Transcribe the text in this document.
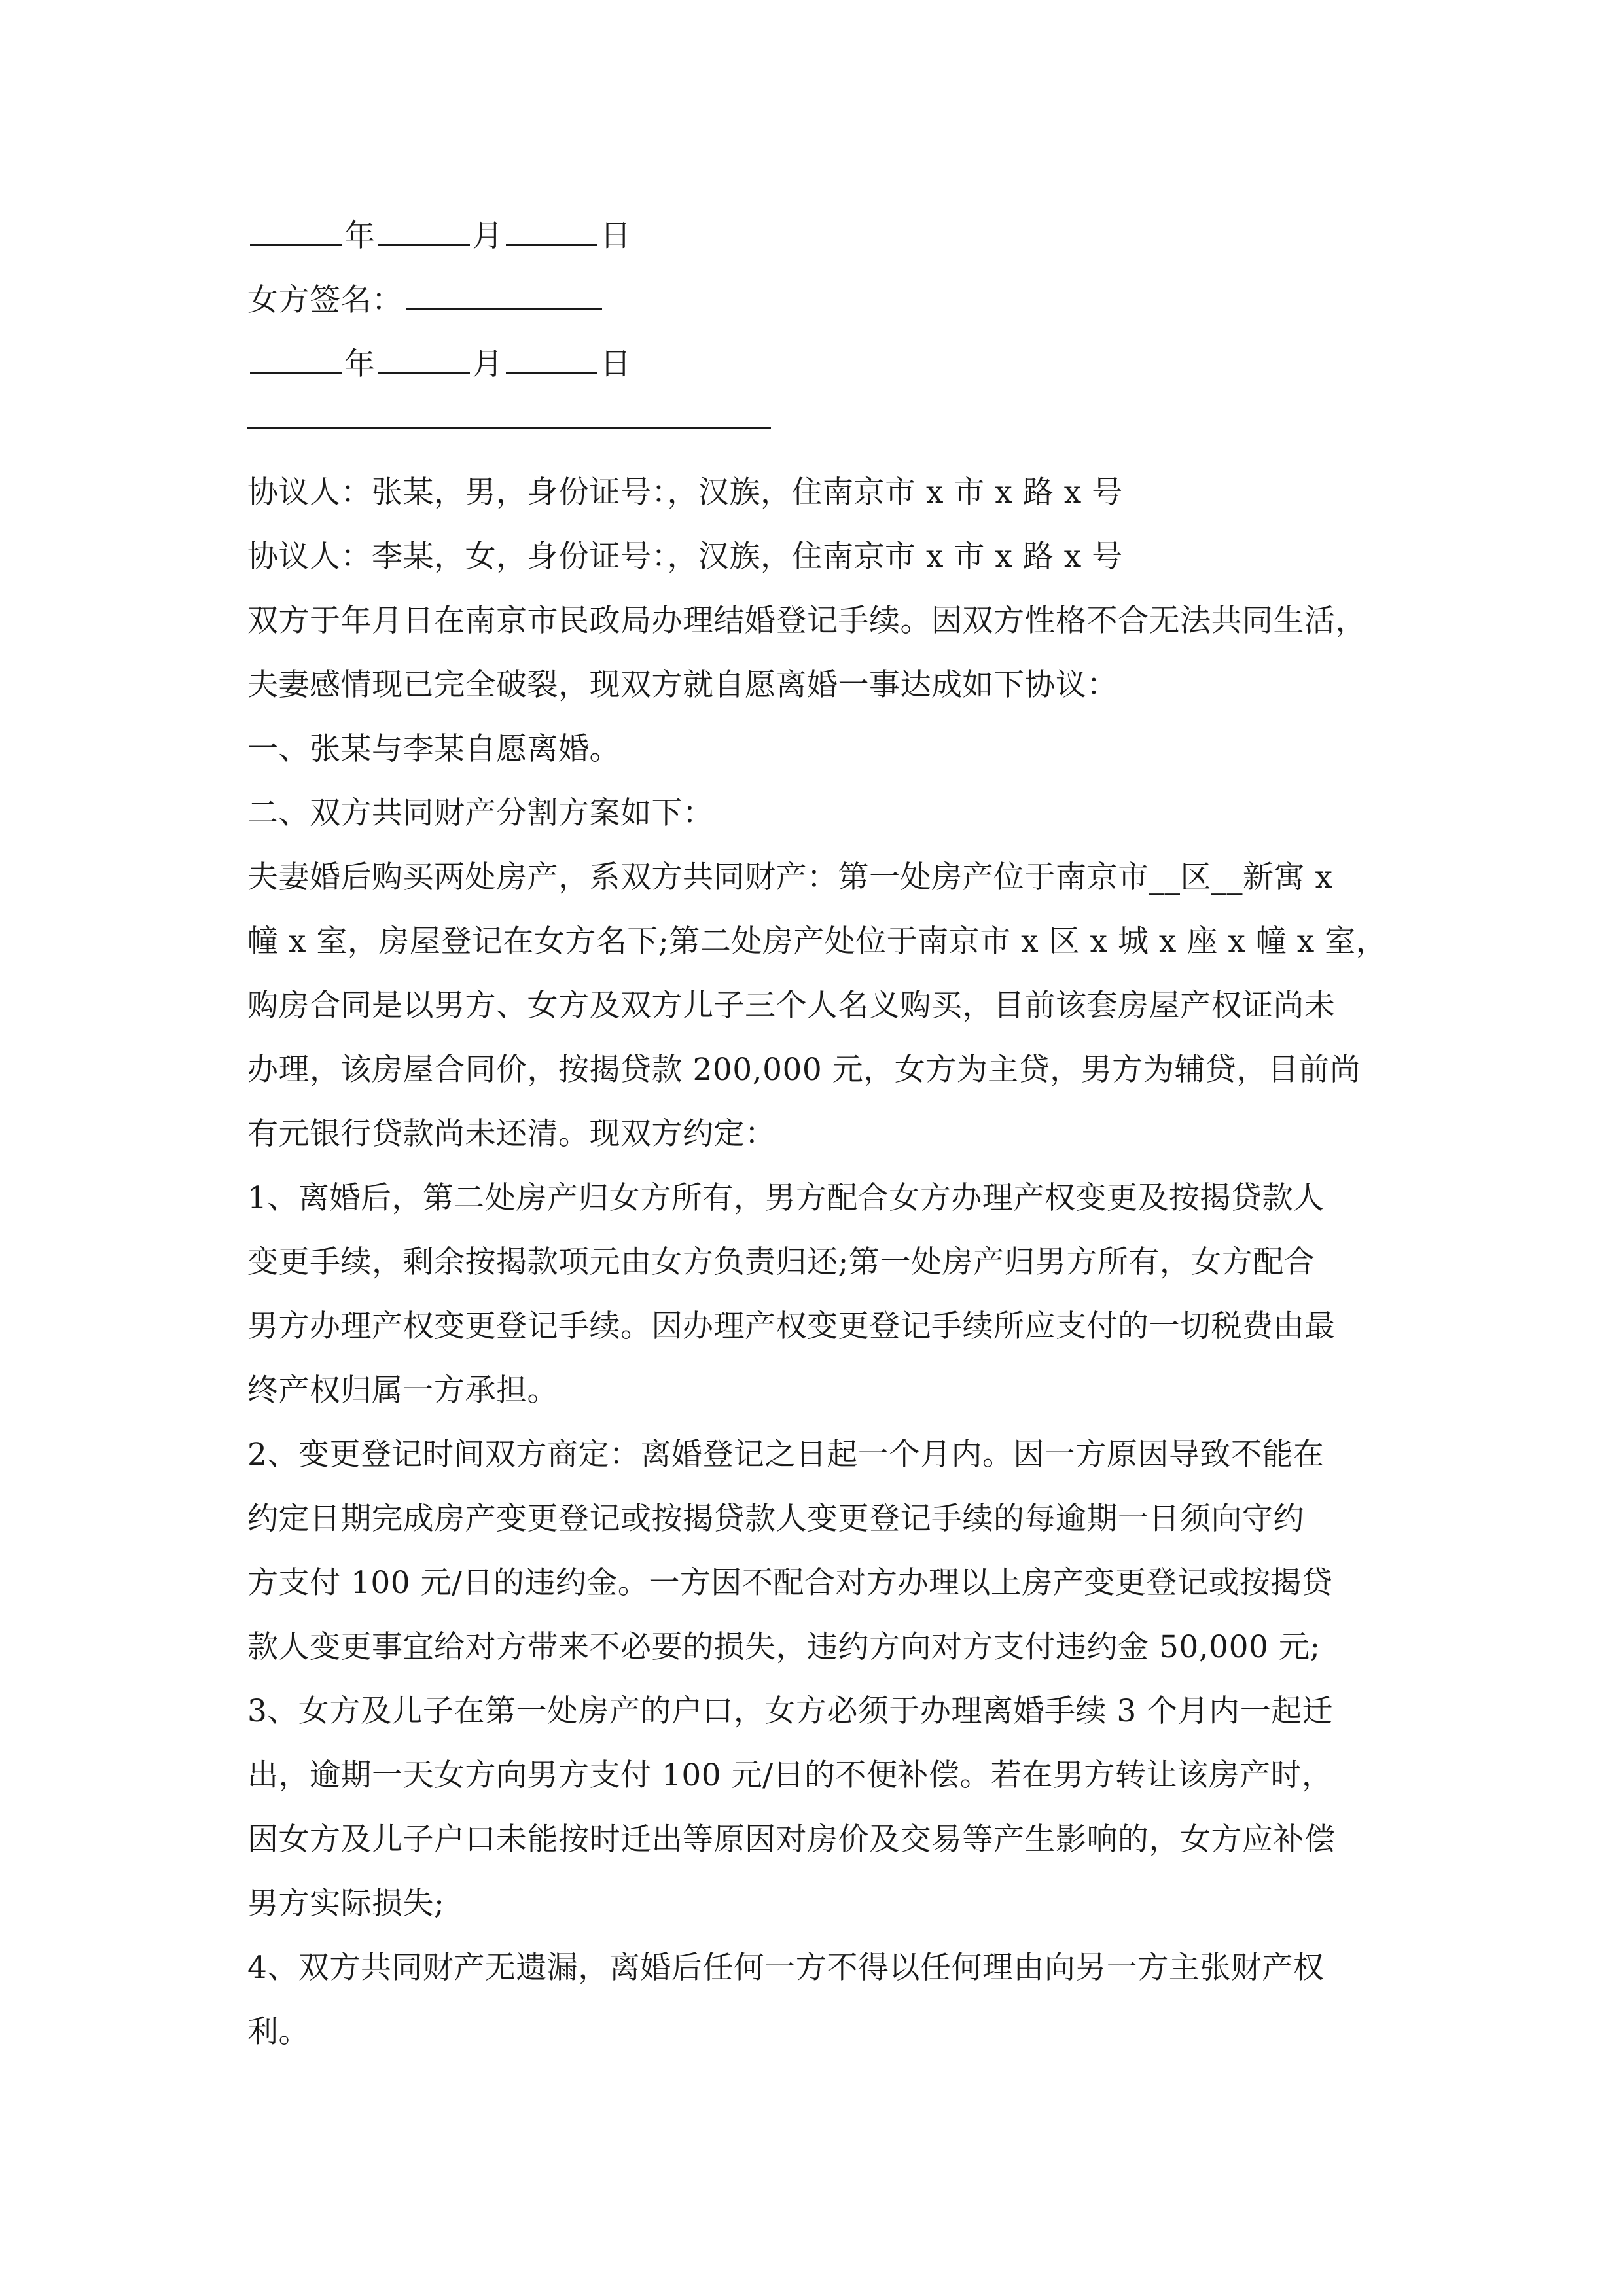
年	月	日
女方签名：
年	月	日
协议人：张某，男，身份证号：，汉族，住南京市 x 市 x 路 x 号
协议人：李某，女，身份证号：，汉族，住南京市 x 市 x 路 x 号
双方于年月日在南京市民政局办理结婚登记手续。因双方性格不合无法共同生活，
夫妻感情现已完全破裂，现双方就自愿离婚一事达成如下协议：
一、张某与李某自愿离婚。
二、双方共同财产分割方案如下：
夫妻婚后购买两处房产，系双方共同财产：第一处房产位于南京市__区__新寓 x
幢 x 室，房屋登记在女方名下;第二处房产处位于南京市 x 区 x 城 x 座 x 幢 x 室，
购房合同是以男方、女方及双方儿子三个人名义购买，目前该套房屋产权证尚未
办理，该房屋合同价，按揭贷款 200,000 元，女方为主贷，男方为辅贷，目前尚
有元银行贷款尚未还清。现双方约定：
1、离婚后，第二处房产归女方所有，男方配合女方办理产权变更及按揭贷款人
变更手续，剩余按揭款项元由女方负责归还;第一处房产归男方所有，女方配合
男方办理产权变更登记手续。因办理产权变更登记手续所应支付的一切税费由最
终产权归属一方承担。
2、变更登记时间双方商定：离婚登记之日起一个月内。因一方原因导致不能在
约定日期完成房产变更登记或按揭贷款人变更登记手续的每逾期一日须向守约
方支付 100 元/日的违约金。一方因不配合对方办理以上房产变更登记或按揭贷
款人变更事宜给对方带来不必要的损失，违约方向对方支付违约金 50,000 元;
3、女方及儿子在第一处房产的户口，女方必须于办理离婚手续 3 个月内一起迁
出，逾期一天女方向男方支付 100 元/日的不便补偿。若在男方转让该房产时，
因女方及儿子户口未能按时迁出等原因对房价及交易等产生影响的，女方应补偿
男方实际损失;
4、双方共同财产无遗漏，离婚后任何一方不得以任何理由向另一方主张财产权
利。
